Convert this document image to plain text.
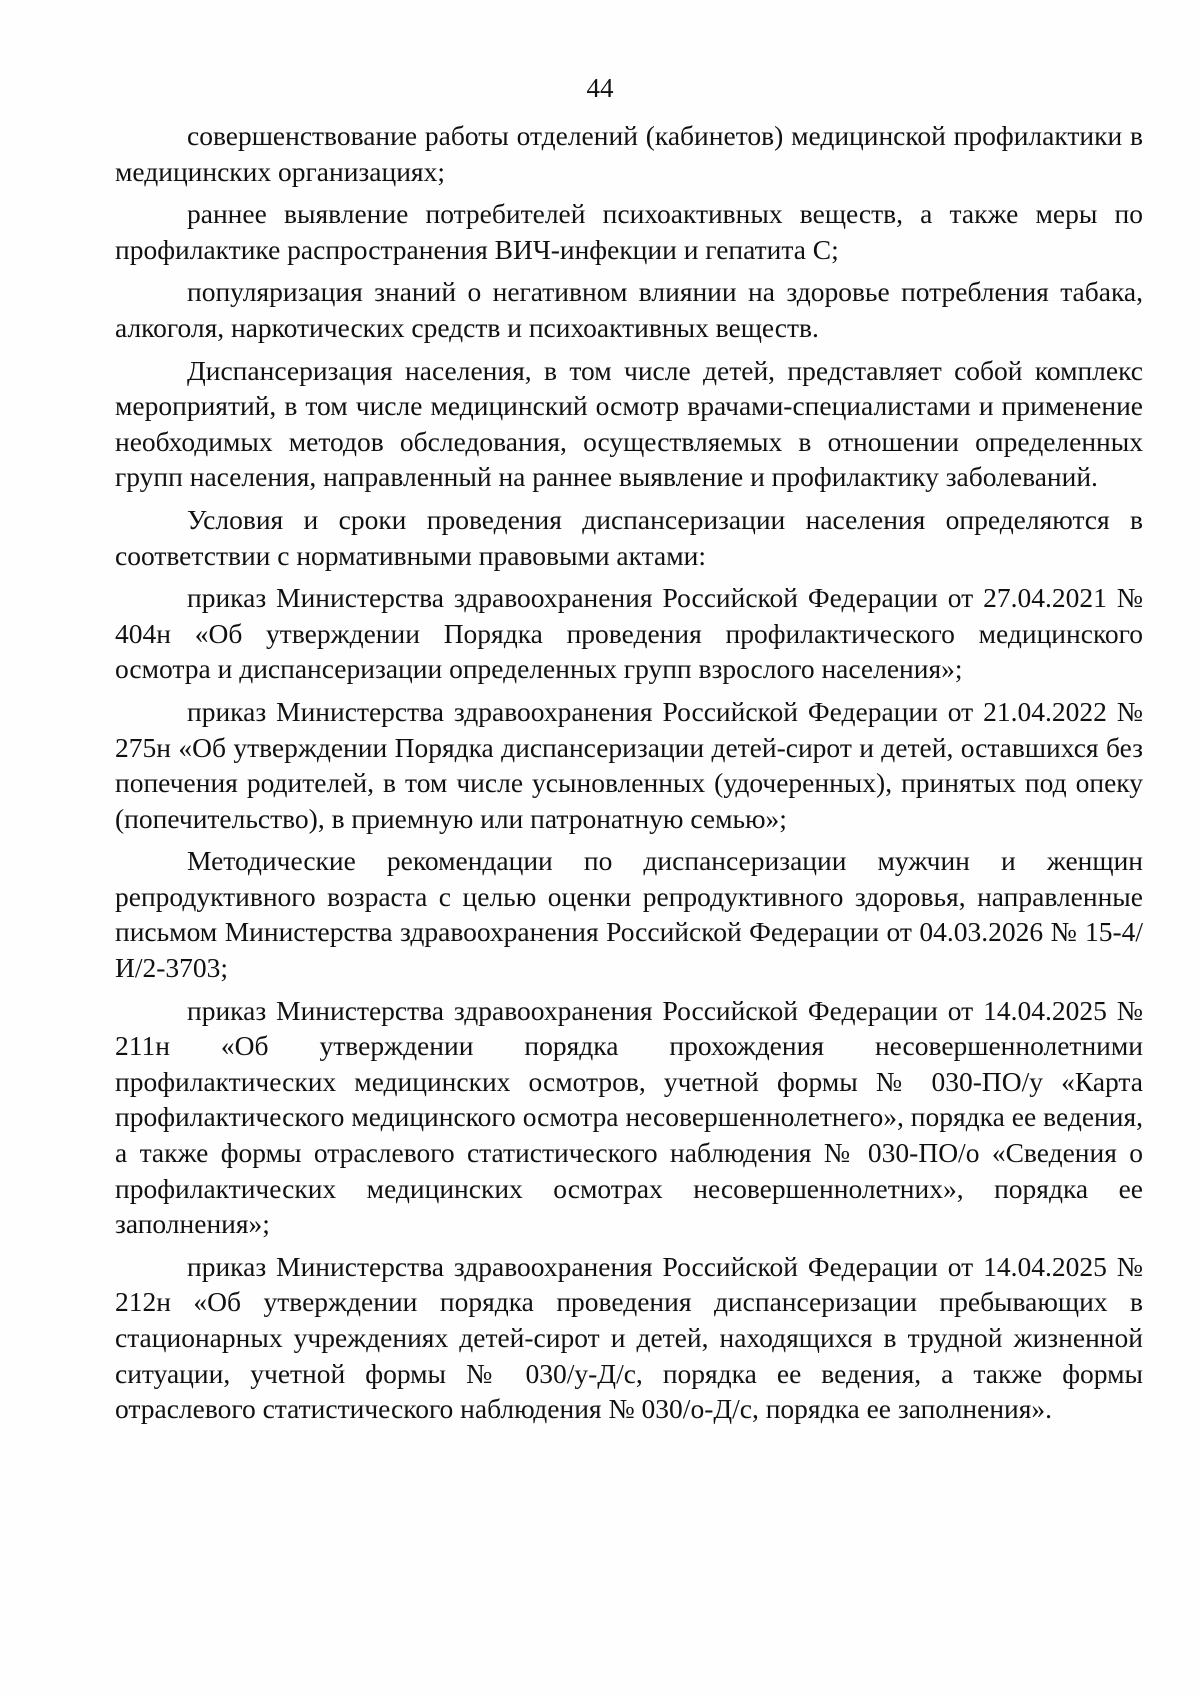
44

совершенствование работы отделений (кабинетов) медицинской профилактики в медицинских организациях;

раннее выявление потребителей психоактивных веществ, а также меры по профилактике распространения ВИЧ-инфекции и гепатита С;

популяризация знаний о негативном влиянии на здоровье потребления табака, алкоголя, наркотических средств и психоактивных веществ.

Диспансеризация населения, в том числе детей, представляет собой комплекс мероприятий, в том числе медицинский осмотр врачами-специалистами и применение необходимых методов обследования, осуществляемых в отношении определенных групп населения, направленный на раннее выявление и профилактику заболеваний.

Условия и сроки проведения диспансеризации населения определяются в соответствии с нормативными правовыми актами:

приказ Министерства здравоохранения Российской Федерации от 27.04.2021 № 404н «Об утверждении Порядка проведения профилактического медицинского осмотра и диспансеризации определенных групп взрослого населения»;

приказ Министерства здравоохранения Российской Федерации от 21.04.2022 № 275н «Об утверждении Порядка диспансеризации детей-сирот и детей, оставшихся без попечения родителей, в том числе усыновленных (удочеренных), принятых под опеку (попечительство), в приемную или патронатную семью»;

Методические рекомендации по диспансеризации мужчин и женщин репродуктивного возраста с целью оценки репродуктивного здоровья, направленные письмом Министерства здравоохранения Российской Федерации от 04.03.2026 № 15-4/И/2-3703;

приказ Министерства здравоохранения Российской Федерации от 14.04.2025 № 211н «Об утверждении порядка прохождения несовершеннолетними профилактических медицинских осмотров, учетной формы № 030-ПО/у «Карта профилактического медицинского осмотра несовершеннолетнего», порядка ее ведения, а также формы отраслевого статистического наблюдения № 030-ПО/о «Сведения о профилактических медицинских осмотрах несовершеннолетних», порядка ее заполнения»;

приказ Министерства здравоохранения Российской Федерации от 14.04.2025 № 212н «Об утверждении порядка проведения диспансеризации пребывающих в стационарных учреждениях детей-сирот и детей, находящихся в трудной жизненной ситуации, учетной формы № 030/у-Д/с, порядка ее ведения, а также формы отраслевого статистического наблюдения № 030/о-Д/с, порядка ее заполнения».
